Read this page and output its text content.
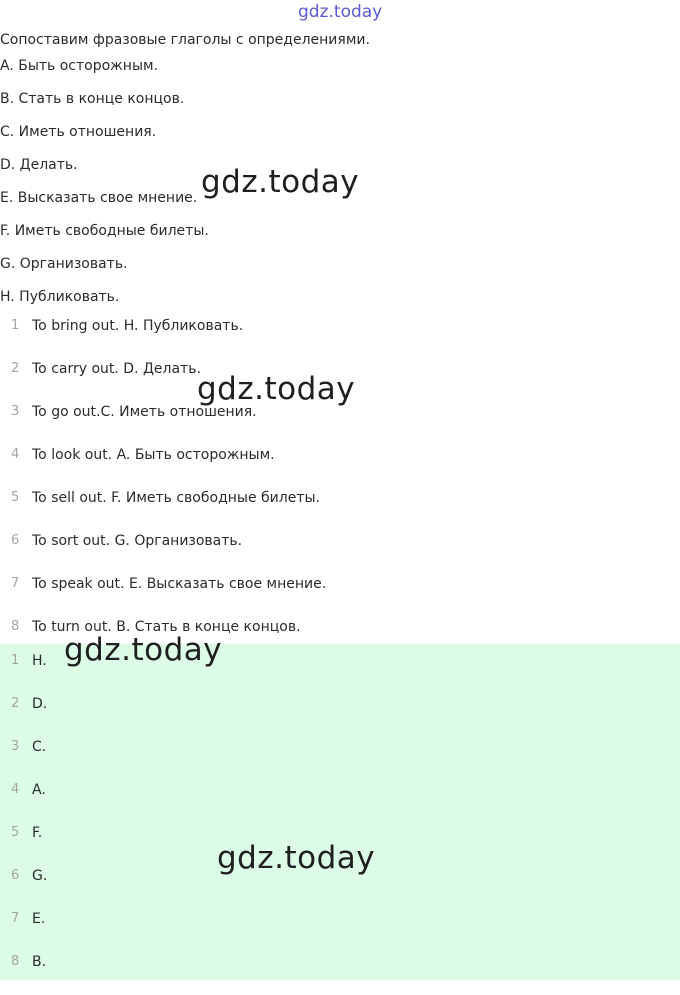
gdz.today
Сопоставим фразовые глаголы с определениями.
A. Быть осторожным.
B. Стать в конце концов.
C. Иметь отношения.
D. Делать.
E. Высказать свое мнение.
F. Иметь свободные билеты.
G. Организовать.
H. Публиковать.
1 To bring out. H. Публиковать.
2 To carry out. D. Делать.
3 To go out.C. Иметь отношения.
4 To look out. A. Быть осторожным.
5 To sell out. F. Иметь свободные билеты.
6 To sort out. G. Организовать.
7 To speak out. E. Высказать свое мнение.
8 To turn out. B. Стать в конце концов.
1 H.
2 D.
3 C.
4 A.
5 F.
6 G.
7 E.
8 B.
gdz.today
gdz.today
gdz.today
gdz.today
